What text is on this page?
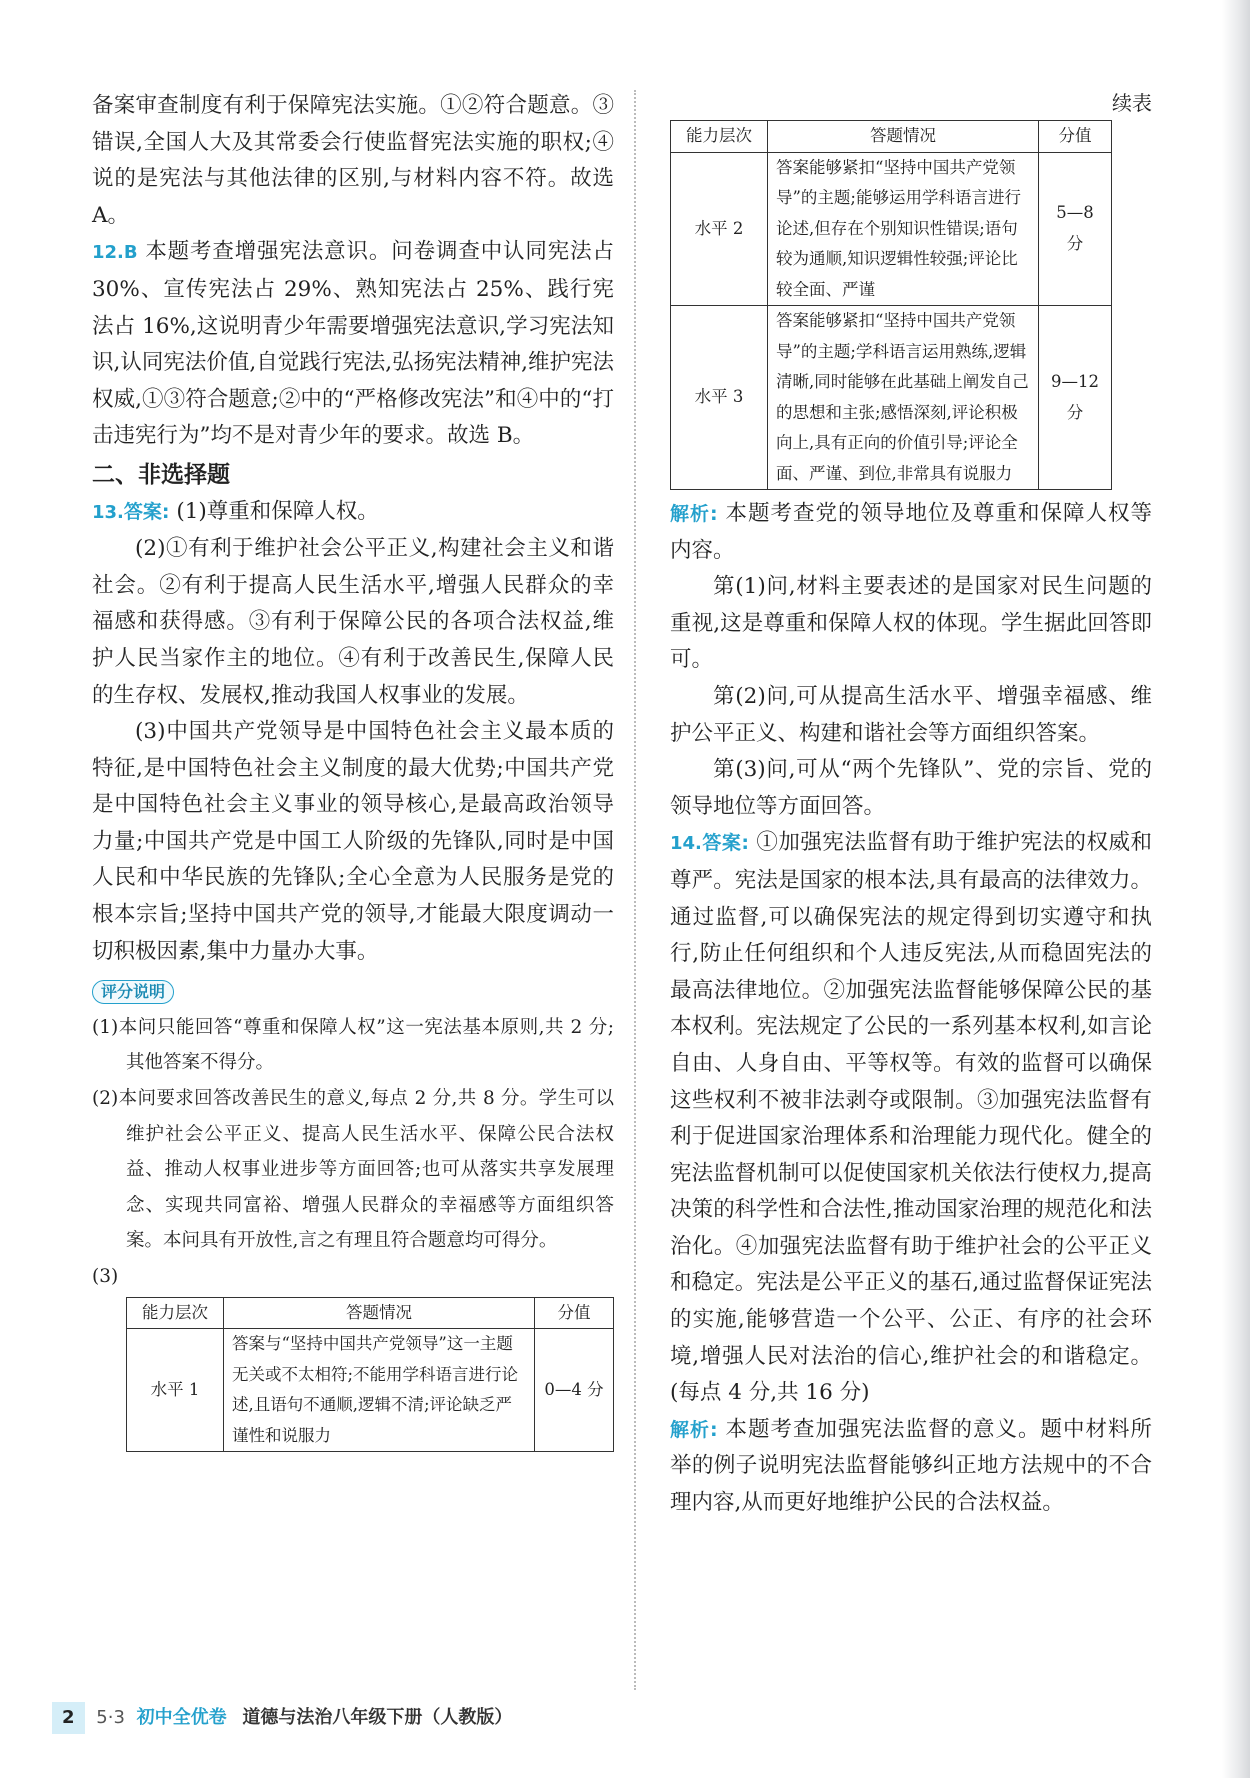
备案审查制度有利于保障宪法实施。①②符合题意。③错误,全国人大及其常委会行使监督宪法实施的职权;④说的是宪法与其他法律的区别,与材料内容不符。故选 A。

12.B 本题考查增强宪法意识。问卷调查中认同宪法占 30%、宣传宪法占 29%、熟知宪法占 25%、践行宪法占 16%,这说明青少年需要增强宪法意识,学习宪法知识,认同宪法价值,自觉践行宪法,弘扬宪法精神,维护宪法权威,①③符合题意;②中的“严格修改宪法”和④中的“打击违宪行为”均不是对青少年的要求。故选 B。

二、非选择题

13.答案: (1)尊重和保障人权。

(2)①有利于维护社会公平正义,构建社会主义和谐社会。②有利于提高人民生活水平,增强人民群众的幸福感和获得感。③有利于保障公民的各项合法权益,维护人民当家作主的地位。④有利于改善民生,保障人民的生存权、发展权,推动我国人权事业的发展。

(3)中国共产党领导是中国特色社会主义最本质的特征,是中国特色社会主义制度的最大优势;中国共产党是中国特色社会主义事业的领导核心,是最高政治领导力量;中国共产党是中国工人阶级的先锋队,同时是中国人民和中华民族的先锋队;全心全意为人民服务是党的根本宗旨;坚持中国共产党的领导,才能最大限度调动一切积极因素,集中力量办大事。

评分说明

(1)本问只能回答“尊重和保障人权”这一宪法基本原则,共 2 分;其他答案不得分。

(2)本问要求回答改善民生的意义,每点 2 分,共 8 分。学生可以维护社会公平正义、提高人民生活水平、保障公民合法权益、推动人权事业进步等方面回答;也可从落实共享发展理念、实现共同富裕、增强人民群众的幸福感等方面组织答案。本问具有开放性,言之有理且符合题意均可得分。

(3)

能力层次	答题情况	分值
水平 1	答案与“坚持中国共产党领导”这一主题无关或不太相符;不能用学科语言进行论述,且语句不通顺,逻辑不清;评论缺乏严谨性和说服力	0—4 分

续表

能力层次	答题情况	分值
水平 2	答案能够紧扣“坚持中国共产党领导”的主题;能够运用学科语言进行论述,但存在个别知识性错误;语句较为通顺,知识逻辑性较强;评论比较全面、严谨	5—8 分
水平 3	答案能够紧扣“坚持中国共产党领导”的主题;学科语言运用熟练,逻辑清晰,同时能够在此基础上阐发自己的思想和主张;感悟深刻,评论积极向上,具有正向的价值引导;评论全面、严谨、到位,非常具有说服力	9—12 分

解析: 本题考查党的领导地位及尊重和保障人权等内容。

第(1)问,材料主要表述的是国家对民生问题的重视,这是尊重和保障人权的体现。学生据此回答即可。

第(2)问,可从提高生活水平、增强幸福感、维护公平正义、构建和谐社会等方面组织答案。

第(3)问,可从“两个先锋队”、党的宗旨、党的领导地位等方面回答。

14.答案: ①加强宪法监督有助于维护宪法的权威和尊严。宪法是国家的根本法,具有最高的法律效力。通过监督,可以确保宪法的规定得到切实遵守和执行,防止任何组织和个人违反宪法,从而稳固宪法的最高法律地位。②加强宪法监督能够保障公民的基本权利。宪法规定了公民的一系列基本权利,如言论自由、人身自由、平等权等。有效的监督可以确保这些权利不被非法剥夺或限制。③加强宪法监督有利于促进国家治理体系和治理能力现代化。健全的宪法监督机制可以促使国家机关依法行使权力,提高决策的科学性和合法性,推动国家治理的规范化和法治化。④加强宪法监督有助于维护社会的公平正义和稳定。宪法是公平正义的基石,通过监督保证宪法的实施,能够营造一个公平、公正、有序的社会环境,增强人民对法治的信心,维护社会的和谐稳定。(每点 4 分,共 16 分)

解析: 本题考查加强宪法监督的意义。题中材料所举的例子说明宪法监督能够纠正地方法规中的不合理内容,从而更好地维护公民的合法权益。

2 5·3 初中全优卷 道德与法治八年级下册（人教版）
